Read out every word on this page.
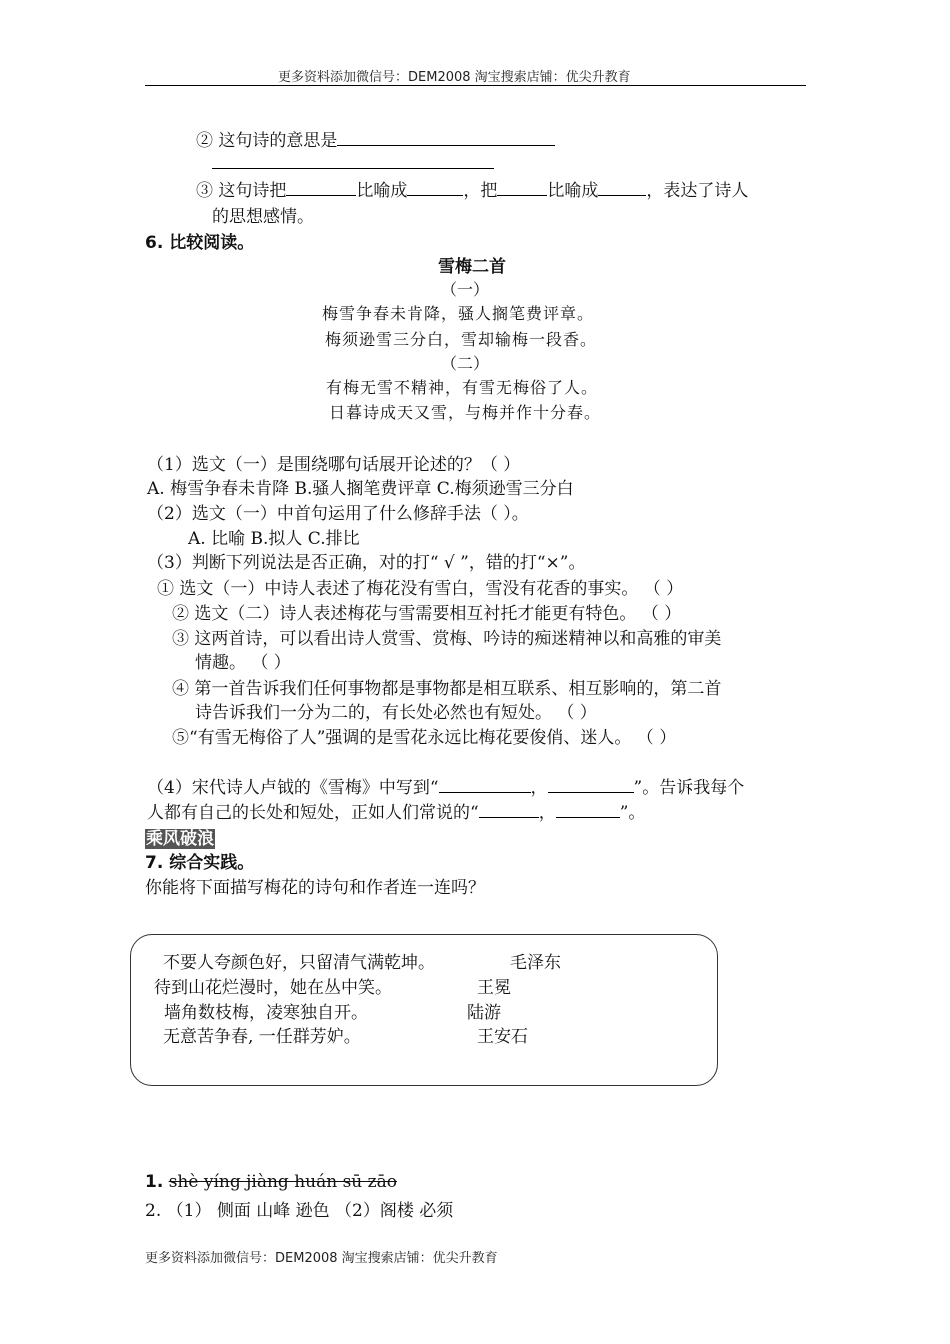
更多资料添加微信号：DEM2008 淘宝搜索店铺：优尖升教育
② 这句诗的意思是
③ 这句诗把	比喻成	，把	比喻成	，表达了诗人
的思想感情。
6. 比较阅读。
雪梅二首
（一）
梅雪争春未肯降，骚人搁笔费评章。
梅须逊雪三分白，雪却输梅一段香。
（二）
有梅无雪不精神，有雪无梅俗了人。
日暮诗成天又雪，与梅并作十分春。
（1）选文（一）是围绕哪句话展开论述的？（ ）
A. 梅雪争春未肯降 B.骚人搁笔费评章 C.梅须逊雪三分白
（2）选文（一）中首句运用了什么修辞手法（ ）。
A. 比喻 B.拟人 C.排比
（3）判断下列说法是否正确，对的打“ √ ”，错的打“×”。
① 选文（一）中诗人表述了梅花没有雪白，雪没有花香的事实。 （ ）
② 选文（二）诗人表述梅花与雪需要相互衬托才能更有特色。 （ ）
③ 这两首诗，可以看出诗人赏雪、赏梅、吟诗的痴迷精神以和高雅的审美
情趣。 （ ）
④ 第一首告诉我们任何事物都是事物都是相互联系、相互影响的，第二首
诗告诉我们一分为二的，有长处必然也有短处。 （ ）
⑤“有雪无梅俗了人”强调的是雪花永远比梅花要俊俏、迷人。 （ ）
（4）宋代诗人卢钺的《雪梅》中写到“	，	”。告诉我每个
人都有自己的长处和短处，正如人们常说的“	，	”。
乘风破浪
7. 综合实践。
你能将下面描写梅花的诗句和作者连一连吗？
不要人夸颜色好，只留清气满乾坤。	毛泽东
待到山花烂漫时，她在丛中笑。	王冕
墙角数枝梅，凌寒独自开。	陆游
无意苦争春, 一任群芳妒。	王安石
1. shè yíng jiàng huán sū zāo
2. （1） 侧面 山峰 逊色 （2）阁楼 必须
更多资料添加微信号：DEM2008 淘宝搜索店铺：优尖升教育
